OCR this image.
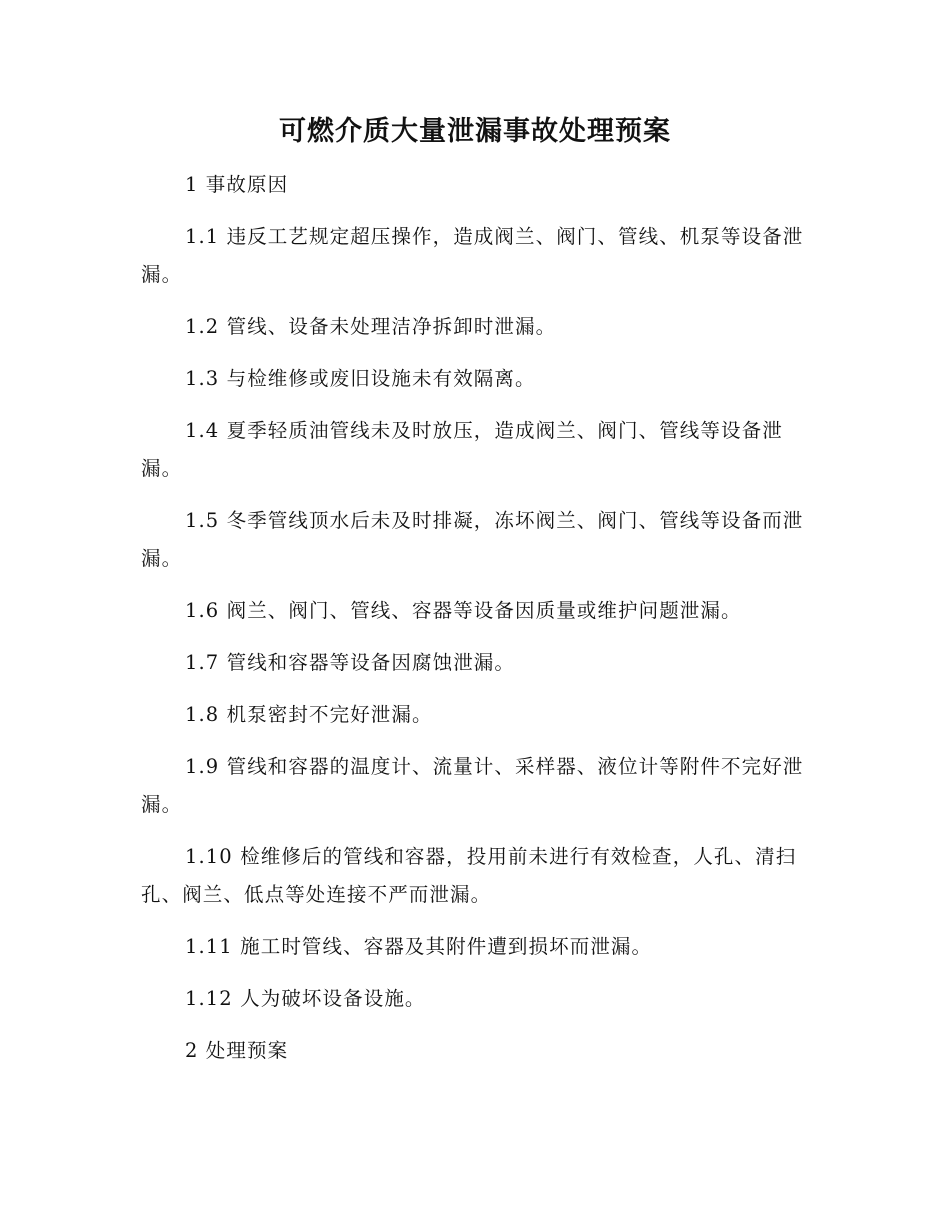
可燃介质大量泄漏事故处理预案

1 事故原因

1.1 违反工艺规定超压操作，造成阀兰、阀门、管线、机泵等设备泄漏。

1.2 管线、设备未处理洁净拆卸时泄漏。

1.3 与检维修或废旧设施未有效隔离。

1.4 夏季轻质油管线未及时放压，造成阀兰、阀门、管线等设备泄漏。

1.5 冬季管线顶水后未及时排凝，冻坏阀兰、阀门、管线等设备而泄漏。

1.6 阀兰、阀门、管线、容器等设备因质量或维护问题泄漏。

1.7 管线和容器等设备因腐蚀泄漏。

1.8 机泵密封不完好泄漏。

1.9 管线和容器的温度计、流量计、采样器、液位计等附件不完好泄漏。

1.10 检维修后的管线和容器，投用前未进行有效检查，人孔、清扫孔、阀兰、低点等处连接不严而泄漏。

1.11 施工时管线、容器及其附件遭到损坏而泄漏。

1.12 人为破坏设备设施。

2 处理预案
